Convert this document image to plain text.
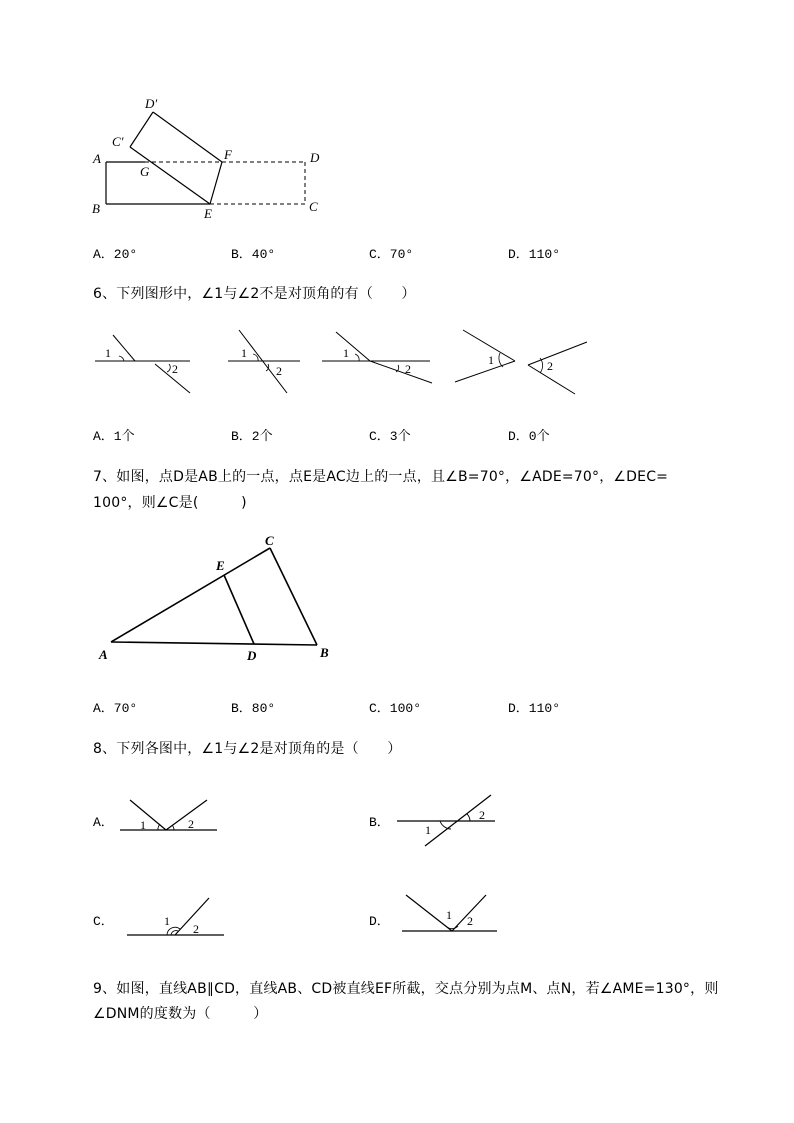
D′
C′
A
G
F	D
B	E	C
A．20°	B．40°	C．70°	D．110°
6、下列图形中，∠1与∠2不是对顶角的有（　　）
1
2
1
2
1
2
1	2
A．1个	B．2个	C．3个	D．0个
7、如图，点D是AB上的一点，点E是AC边上的一点，且∠B=70°，∠ADE=70°，∠DEC=
100°，则∠C是(　　　)
C
E
A	D	B
A．70°	B．80°	C．100°	D．110°
8、下列各图中，∠1与∠2是对顶角的是（　　）
A．	B．
C．	D．
1	2	1
2
1
2
1 2
9、如图，直线AB∥CD，直线AB、CD被直线EF所截，交点分别为点M、点N，若∠AME=130°，则
∠DNM的度数为（　　　）
